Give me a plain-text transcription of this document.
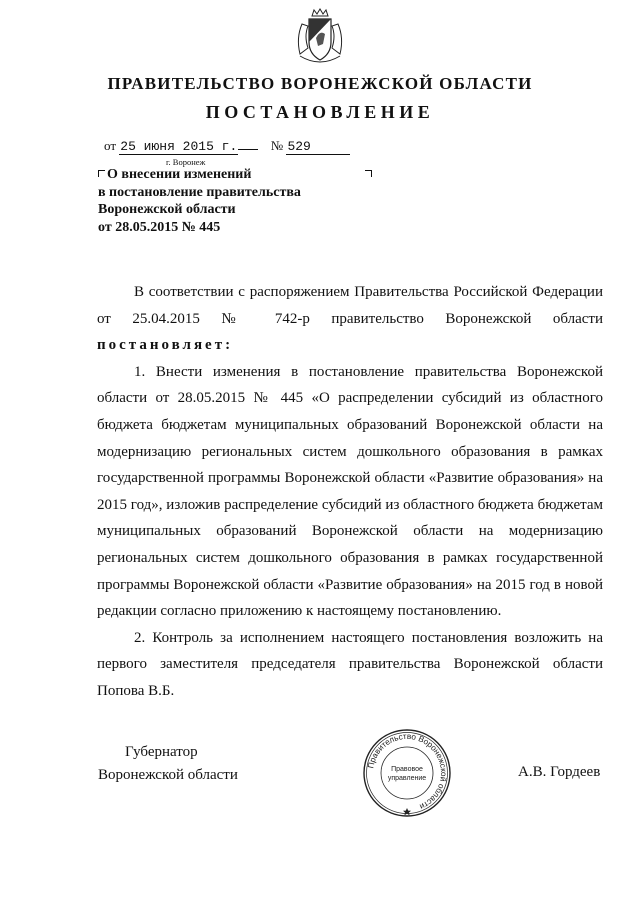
ПРАВИТЕЛЬСТВО ВОРОНЕЖСКОЙ ОБЛАСТИ
ПОСТАНОВЛЕНИЕ
от 25 июня 2015 г.	№ 529
г. Воронеж
О внесении изменений
в постановление правительства
Воронежской области
от 28.05.2015 № 445

В соответствии с распоряжением Правительства Российской Федерации от 25.04.2015 № 742-р правительство Воронежской области постановляет:

1. Внести изменения в постановление правительства Воронежской области от 28.05.2015 № 445 «О распределении субсидий из областного бюджета бюджетам муниципальных образований Воронежской области на модернизацию региональных систем дошкольного образования в рамках государственной программы Воронежской области «Развитие образования» на 2015 год», изложив распределение субсидий из областного бюджета бюджетам муниципальных образований Воронежской области на модернизацию региональных систем дошкольного образования в рамках государственной программы Воронежской области «Развитие образования» на 2015 год в новой редакции согласно приложению к настоящему постановлению.

2. Контроль за исполнением настоящего постановления возложить на первого заместителя председателя правительства Воронежской области Попова В.Б.

Губернатор
Воронежской области	А.В. Гордеев
Правительство Воронежской области
Правовое
управление
